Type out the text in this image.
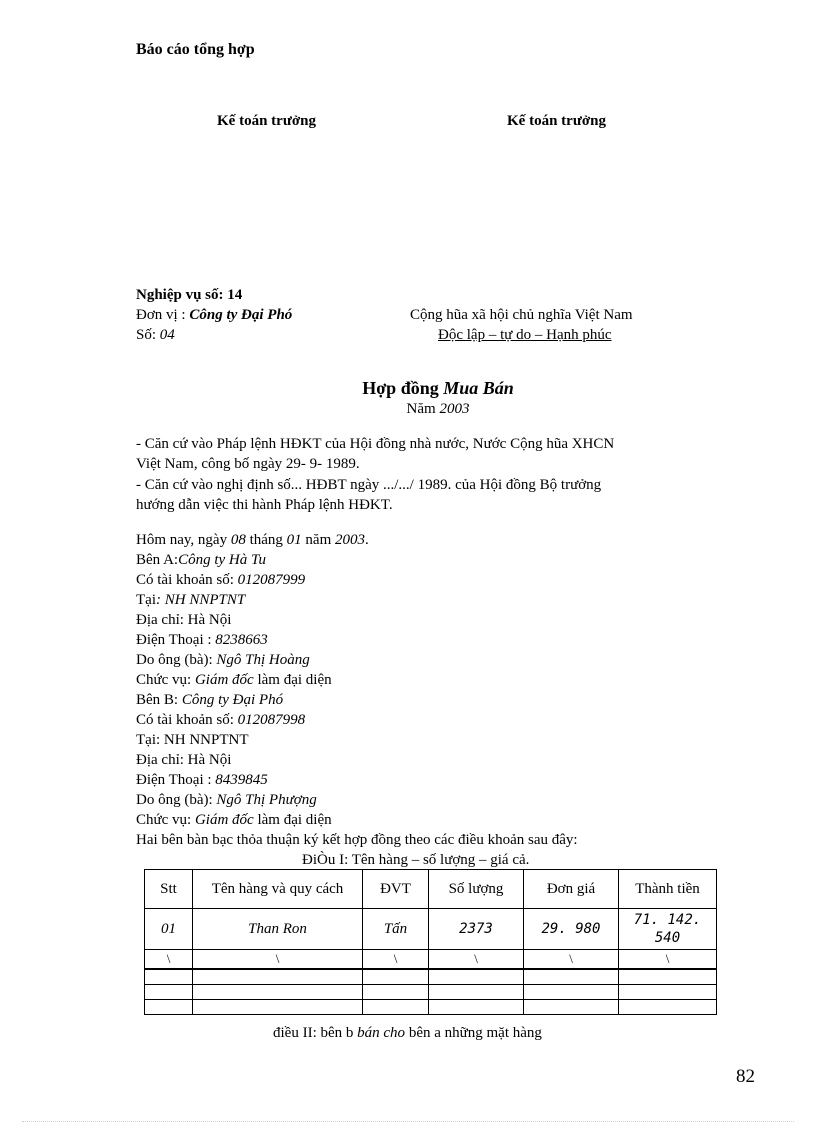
Báo cáo tổng hợp
Kế toán trưởng	Kế toán trưởng
Nghiệp vụ số: 14
Đơn vị : Công ty Đại Phó
Số: 04
Cộng hũa xã hội chủ nghĩa Việt Nam
Độc lập – tự do – Hạnh phúc
Hợp đồng Mua Bán
Năm 2003
- Căn cứ vào Pháp lệnh HĐKT của Hội đồng nhà nước, Nước Cộng hũa XHCN
Việt Nam, công bố ngày 29- 9- 1989.
- Căn cứ vào nghị định số... HĐBT ngày .../.../ 1989. của Hội đồng Bộ trưởng
hướng dẫn việc thi hành Pháp lệnh HĐKT.
Hôm nay, ngày 08 tháng 01 năm 2003.
Bên A:Công ty Hà Tu
Có tài khoản số: 012087999
Tại: NH NNPTNT
Địa chỉ: Hà Nội
Điện Thoại : 8238663
Do ông (bà): Ngô Thị Hoàng
Chức vụ: Giám đốc làm đại diện
Bên B: Công ty Đại Phó
Có tài khoản số: 012087998
Tại: NH NNPTNT
Địa chỉ: Hà Nội
Điện Thoại : 8439845
Do ông (bà): Ngô Thị Phượng
Chức vụ: Giám đốc làm đại diện
Hai bên bàn bạc thỏa thuận ký kết hợp đồng theo các điều khoản sau đây:
ĐiÒu I: Tên hàng – số lượng – giá cả.
Stt	Tên hàng và quy cách	ĐVT	Số lượng	Đơn giá	Thành tiền
01	Than Ron	Tấn	2373	29. 980	71. 142. 540
\	\	\	\	\	\

điều II: bên b bán cho bên a những mặt hàng
82
